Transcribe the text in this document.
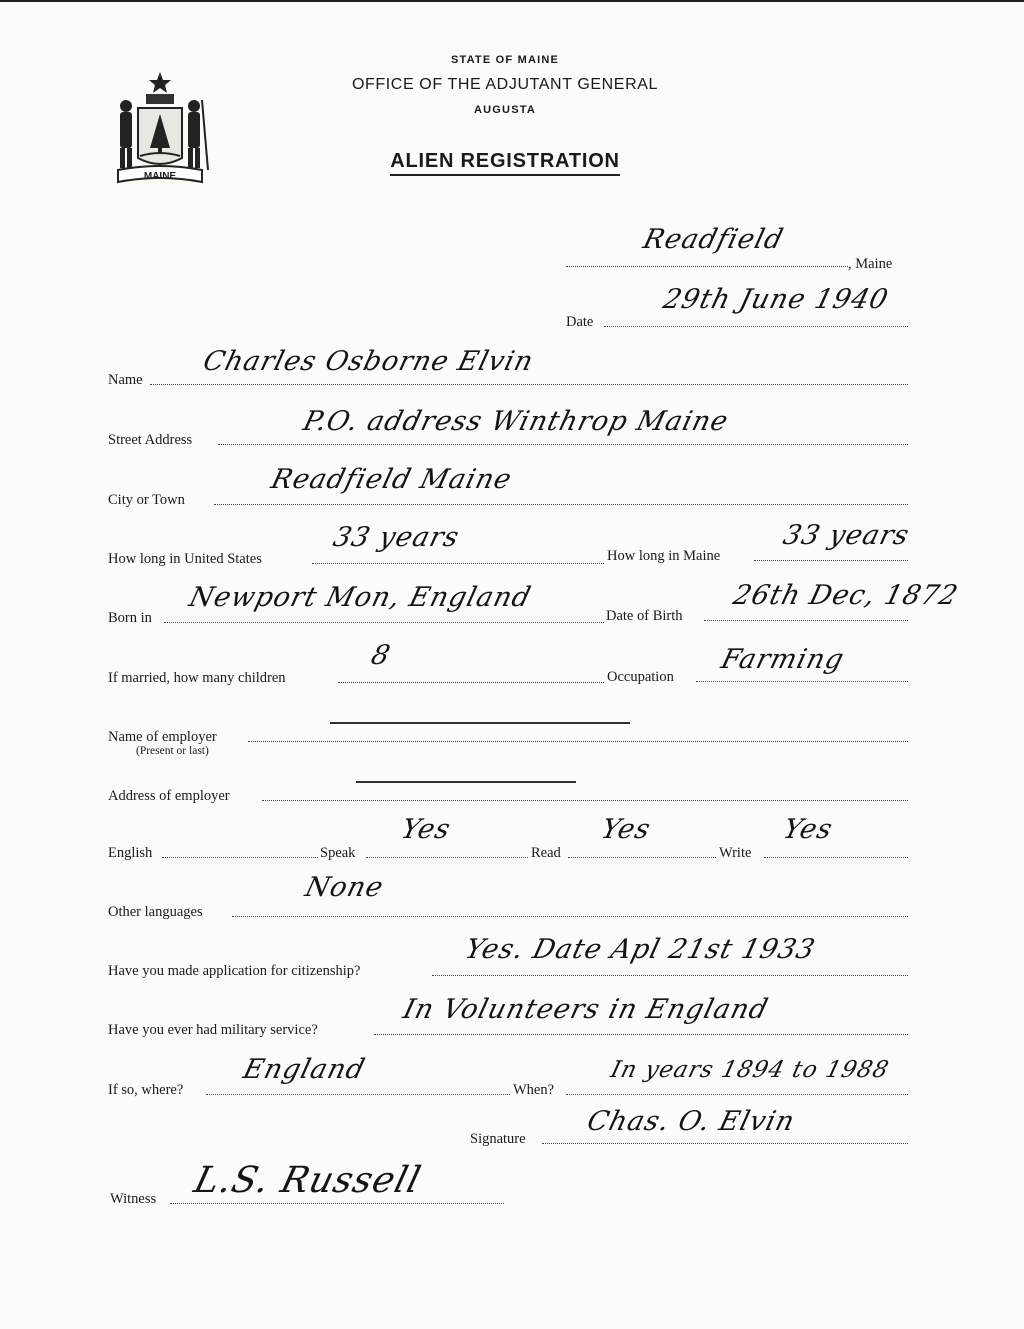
MAINE
STATE OF MAINE
OFFICE OF THE ADJUTANT GENERAL
AUGUSTA
ALIEN REGISTRATION
Readfield
, Maine
Date
29th June 1940
Name
Charles Osborne Elvin
Street Address
P.O. address Winthrop Maine
City or Town
Readfield Maine
How long in United States
33 years
How long in Maine
33 years
Born in
Newport Mon, England
Date of Birth
26th Dec, 1872
If married, how many children
8
Occupation
Farming
Name of employer
(Present or last)
Address of employer
English	Speak
Yes
Read
Yes
Write
Yes
Other languages
None
Have you made application for citizenship?
Yes. Date Apl 21st 1933
Have you ever had military service?
In Volunteers in England
If so, where?
England
When?
In years 1894 to 1988
Signature
Chas. O. Elvin
Witness L.S. Russell
